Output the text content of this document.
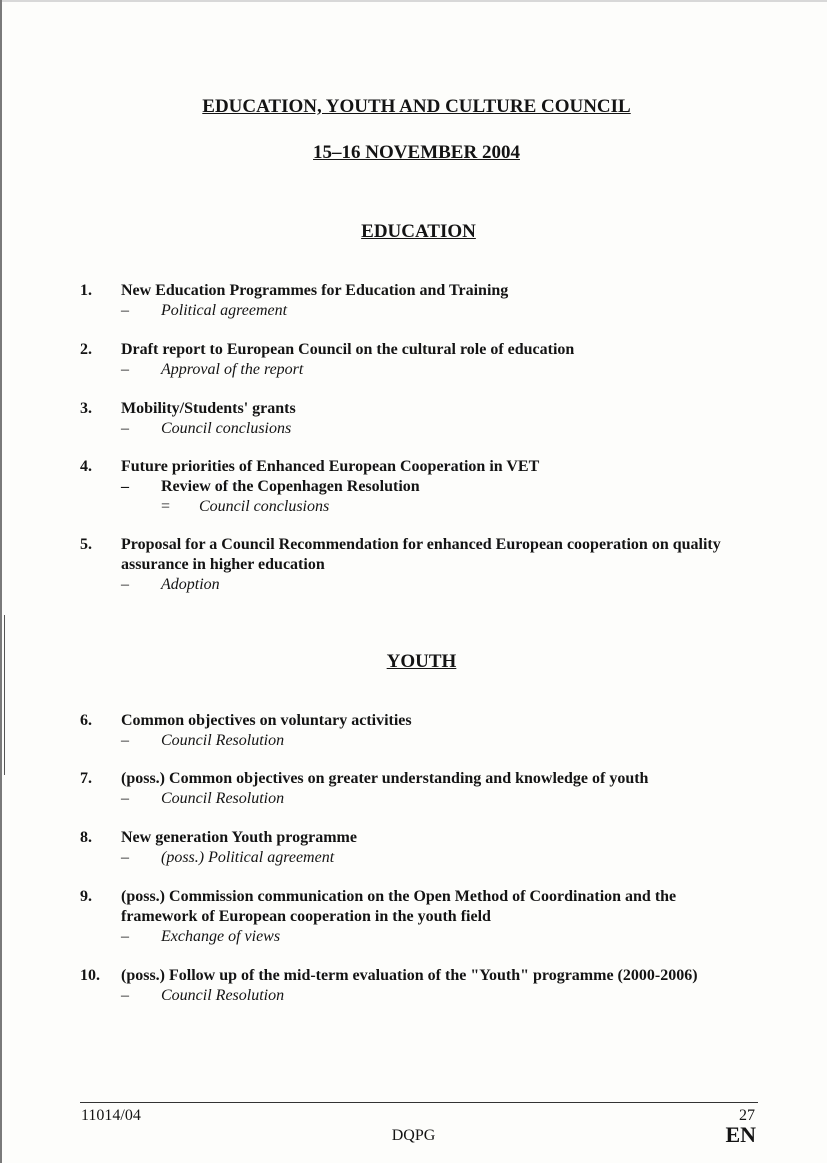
EDUCATION, YOUTH AND CULTURE COUNCIL
15–16 NOVEMBER 2004
EDUCATION
1. New Education Programmes for Education and Training
– Political agreement
2. Draft report to European Council on the cultural role of education
– Approval of the report
3. Mobility/Students' grants
– Council conclusions
4. Future priorities of Enhanced European Cooperation in VET
– Review of the Copenhagen Resolution
= Council conclusions
5. Proposal for a Council Recommendation for enhanced European cooperation on quality
assurance in higher education
– Adoption
YOUTH
6. Common objectives on voluntary activities
– Council Resolution
7. (poss.) Common objectives on greater understanding and knowledge of youth
– Council Resolution
8. New generation Youth programme
– (poss.) Political agreement
9. (poss.) Commission communication on the Open Method of Coordination and the
framework of European cooperation in the youth field
– Exchange of views
10. (poss.) Follow up of the mid-term evaluation of the "Youth" programme (2000-2006)
– Council Resolution
11014/04
DQPG
27
EN
